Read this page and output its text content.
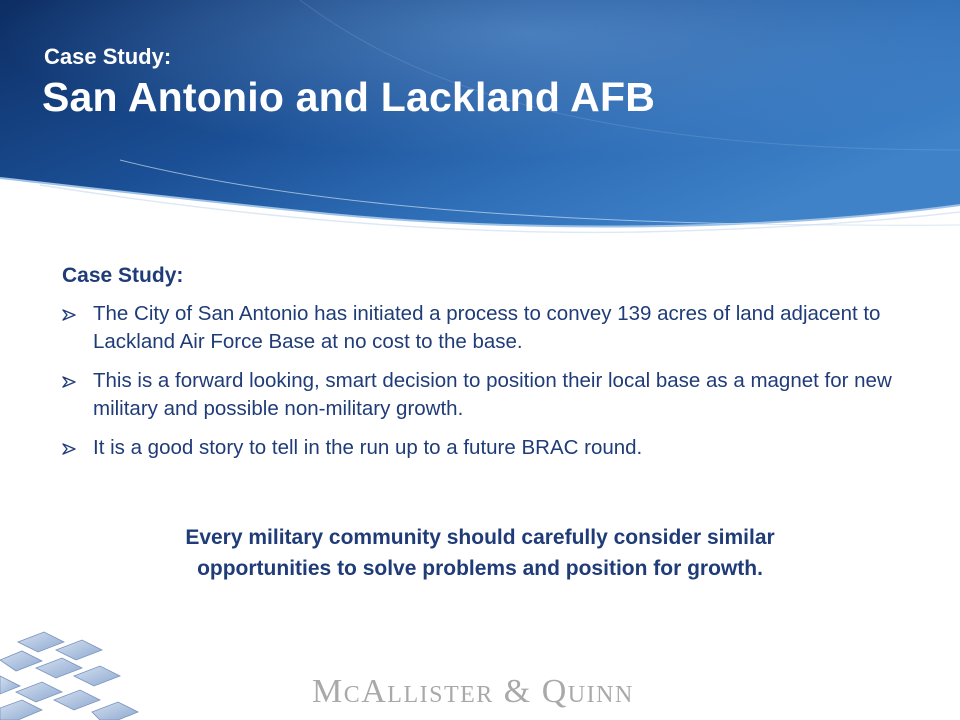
Case Study:
San Antonio and Lackland AFB
Case Study:
The City of San Antonio has initiated a process to convey 139 acres of land adjacent to Lackland Air Force Base at no cost to the base.
This is a forward looking, smart decision to position their local base as a magnet for new military and possible non-military growth.
It is a good story to tell in the run up to a future BRAC round.
Every military community should carefully consider similar
opportunities to solve problems and position for growth.
McAllister & Quinn
